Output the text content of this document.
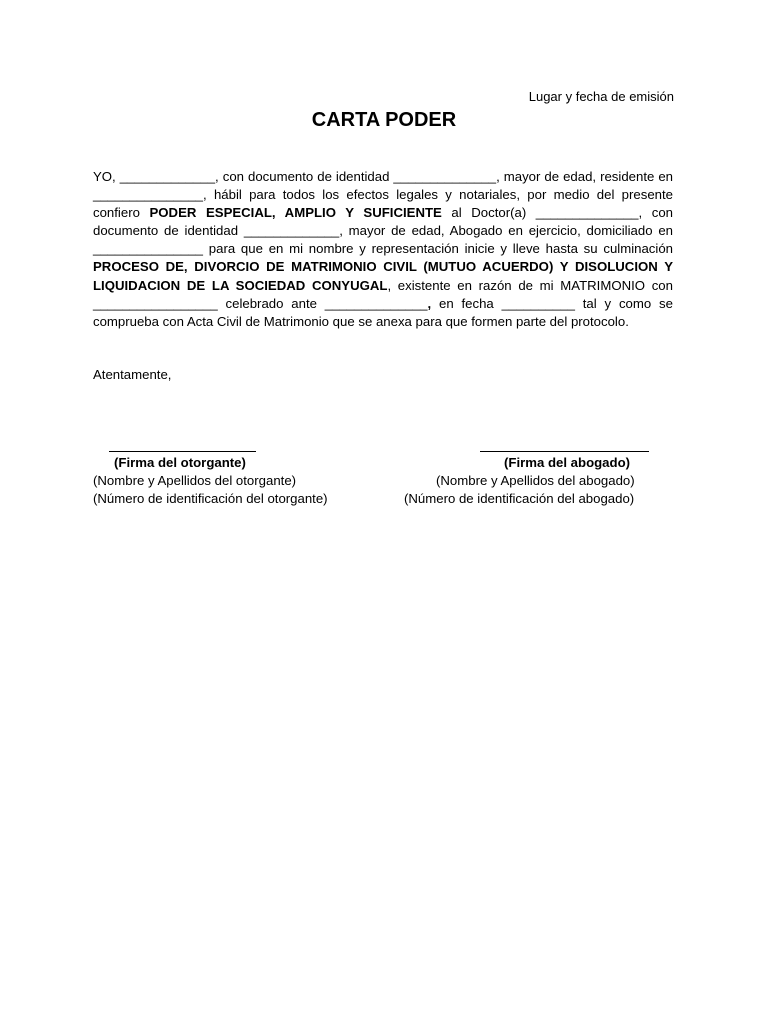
Lugar y fecha de emisión
CARTA PODER
YO, _____________, con documento de identidad ______________, mayor de edad, residente en _______________, hábil para todos los efectos legales y notariales, por medio del presente confiero PODER ESPECIAL, AMPLIO Y SUFICIENTE al Doctor(a) ______________, con documento de identidad _____________, mayor de edad, Abogado en ejercicio, domiciliado en _______________ para que en mi nombre y representación inicie y lleve hasta su culminación PROCESO DE, DIVORCIO DE MATRIMONIO CIVIL (MUTUO ACUERDO) Y DISOLUCION Y LIQUIDACION DE LA SOCIEDAD CONYUGAL, existente en razón de mi MATRIMONIO con _________________ celebrado ante ______________, en fecha __________ tal y como se comprueba con Acta Civil de Matrimonio que se anexa para que formen parte del protocolo.
Atentamente,
(Firma del otorgante)
(Nombre y Apellidos del otorgante)
(Número de identificación del otorgante)
(Firma del abogado)
(Nombre y Apellidos del abogado)
(Número de identificación del abogado)
